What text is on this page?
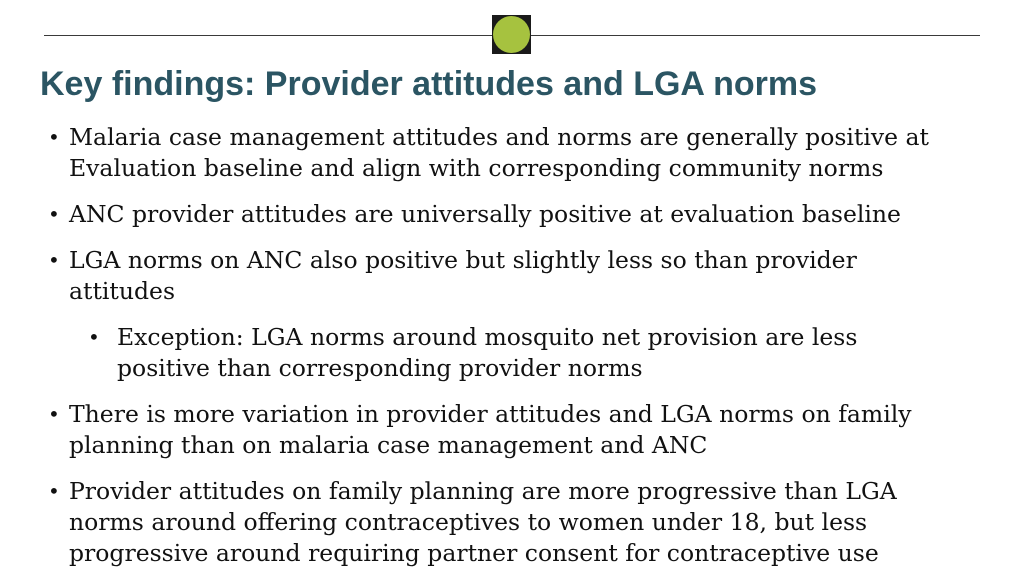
Key findings: Provider attitudes and LGA norms
• Malaria case management attitudes and norms are generally positive at Evaluation baseline and align with corresponding community norms
• ANC provider attitudes are universally positive at evaluation baseline
• LGA norms on ANC also positive but slightly less so than provider attitudes
• Exception: LGA norms around mosquito net provision are less positive than corresponding provider norms
• There is more variation in provider attitudes and LGA norms on family planning than on malaria case management and ANC
• Provider attitudes on family planning are more progressive than LGA norms around offering contraceptives to women under 18, but less progressive around requiring partner consent for contraceptive use
